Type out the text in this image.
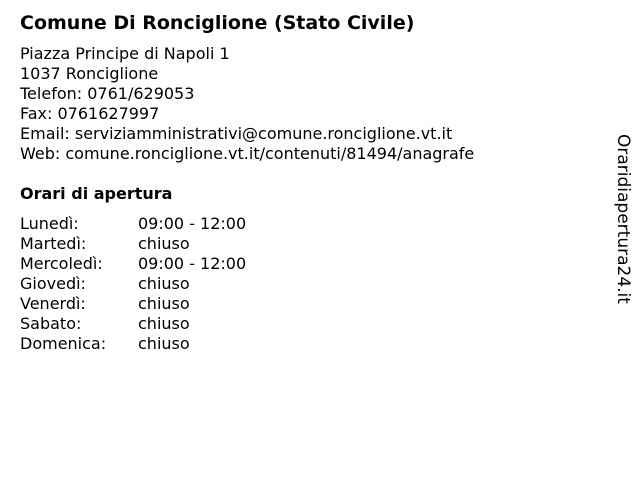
Comune Di Ronciglione (Stato Civile)
Piazza Principe di Napoli 1
1037 Ronciglione
Telefon: 0761/629053
Fax: 0761627997
Email: serviziamministrativi@comune.ronciglione.vt.it
Web: comune.ronciglione.vt.it/contenuti/81494/anagrafe
Orari di apertura
Lunedì:	09:00 - 12:00
Martedì:	chiuso
Mercoledì: 09:00 - 12:00
Giovedì:	chiuso
Venerdì:	chiuso
Sabato:	chiuso
Domenica: chiuso
Oraridiapertura24.it
